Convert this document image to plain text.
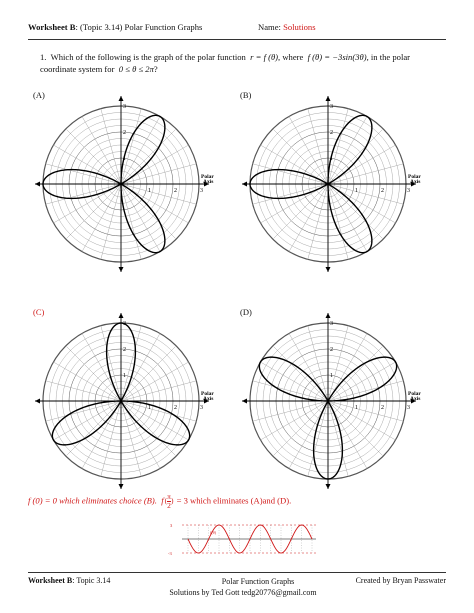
Worksheet B: (Topic 3.14) Polar Function Graphs	Name: Solutions
1. Which of the following is the graph of the polar function r = f (θ), where f (θ) = −3sin(3θ), in the polar
coordinate system for 0 ≤ θ ≤ 2π?
(A)	(B)
(C)	(D)
1
1
2
2
3
3
Polar
Axis
1
1
2
2
3
3
Polar
Axis
1
1
2
2
3
3
Polar
Axis
1
1
2
2
3
3
Polar
Axis
f (0) = 0 which eliminates choice (B). $f( \frac{\pi}{2}$ ) = 3 which eliminates (A)and (D).
3
-3
f(θ)
Worksheet B: Topic 3.14	Polar Function Graphs
Solutions by Ted Gott tedg20776@gmail.com
Created by Bryan Passwater
